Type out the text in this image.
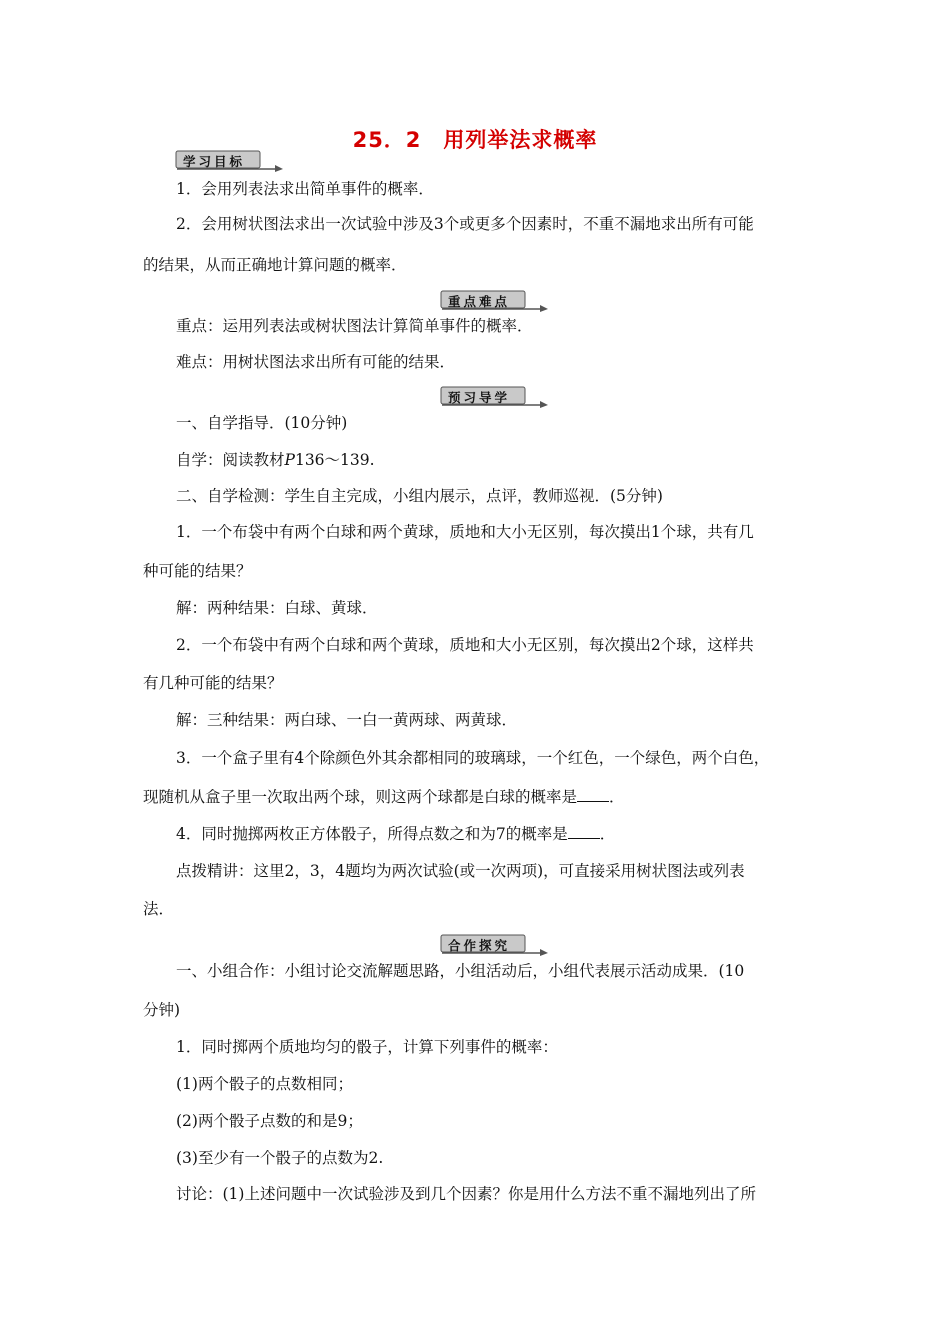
25．2　用列举法求概率
学习目标
1．会用列表法求出简单事件的概率．
2．会用树状图法求出一次试验中涉及3个或更多个因素时，不重不漏地求出所有可能
的结果，从而正确地计算问题的概率．
重点难点
重点：运用列表法或树状图法计算简单事件的概率．
难点：用树状图法求出所有可能的结果．
预习导学
一、自学指导．(10分钟)
自学：阅读教材P136～139.
二、自学检测：学生自主完成，小组内展示，点评，教师巡视．(5分钟)
1．一个布袋中有两个白球和两个黄球，质地和大小无区别，每次摸出1个球，共有几
种可能的结果？
解：两种结果：白球、黄球．
2．一个布袋中有两个白球和两个黄球，质地和大小无区别，每次摸出2个球，这样共
有几种可能的结果？
解：三种结果：两白球、一白一黄两球、两黄球．
3．一个盒子里有4个除颜色外其余都相同的玻璃球，一个红色，一个绿色，两个白色，
现随机从盒子里一次取出两个球，则这两个球都是白球的概率是 ．
4．同时抛掷两枚正方体骰子，所得点数之和为7的概率是 ．
点拨精讲：这里2，3，4题均为两次试验(或一次两项)，可直接采用树状图法或列表
法．
合作探究
一、小组合作：小组讨论交流解题思路，小组活动后，小组代表展示活动成果．(10
分钟)
1．同时掷两个质地均匀的骰子，计算下列事件的概率：
(1)两个骰子的点数相同；
(2)两个骰子点数的和是9；
(3)至少有一个骰子的点数为2.
讨论：(1)上述问题中一次试验涉及到几个因素？你是用什么方法不重不漏地列出了所
